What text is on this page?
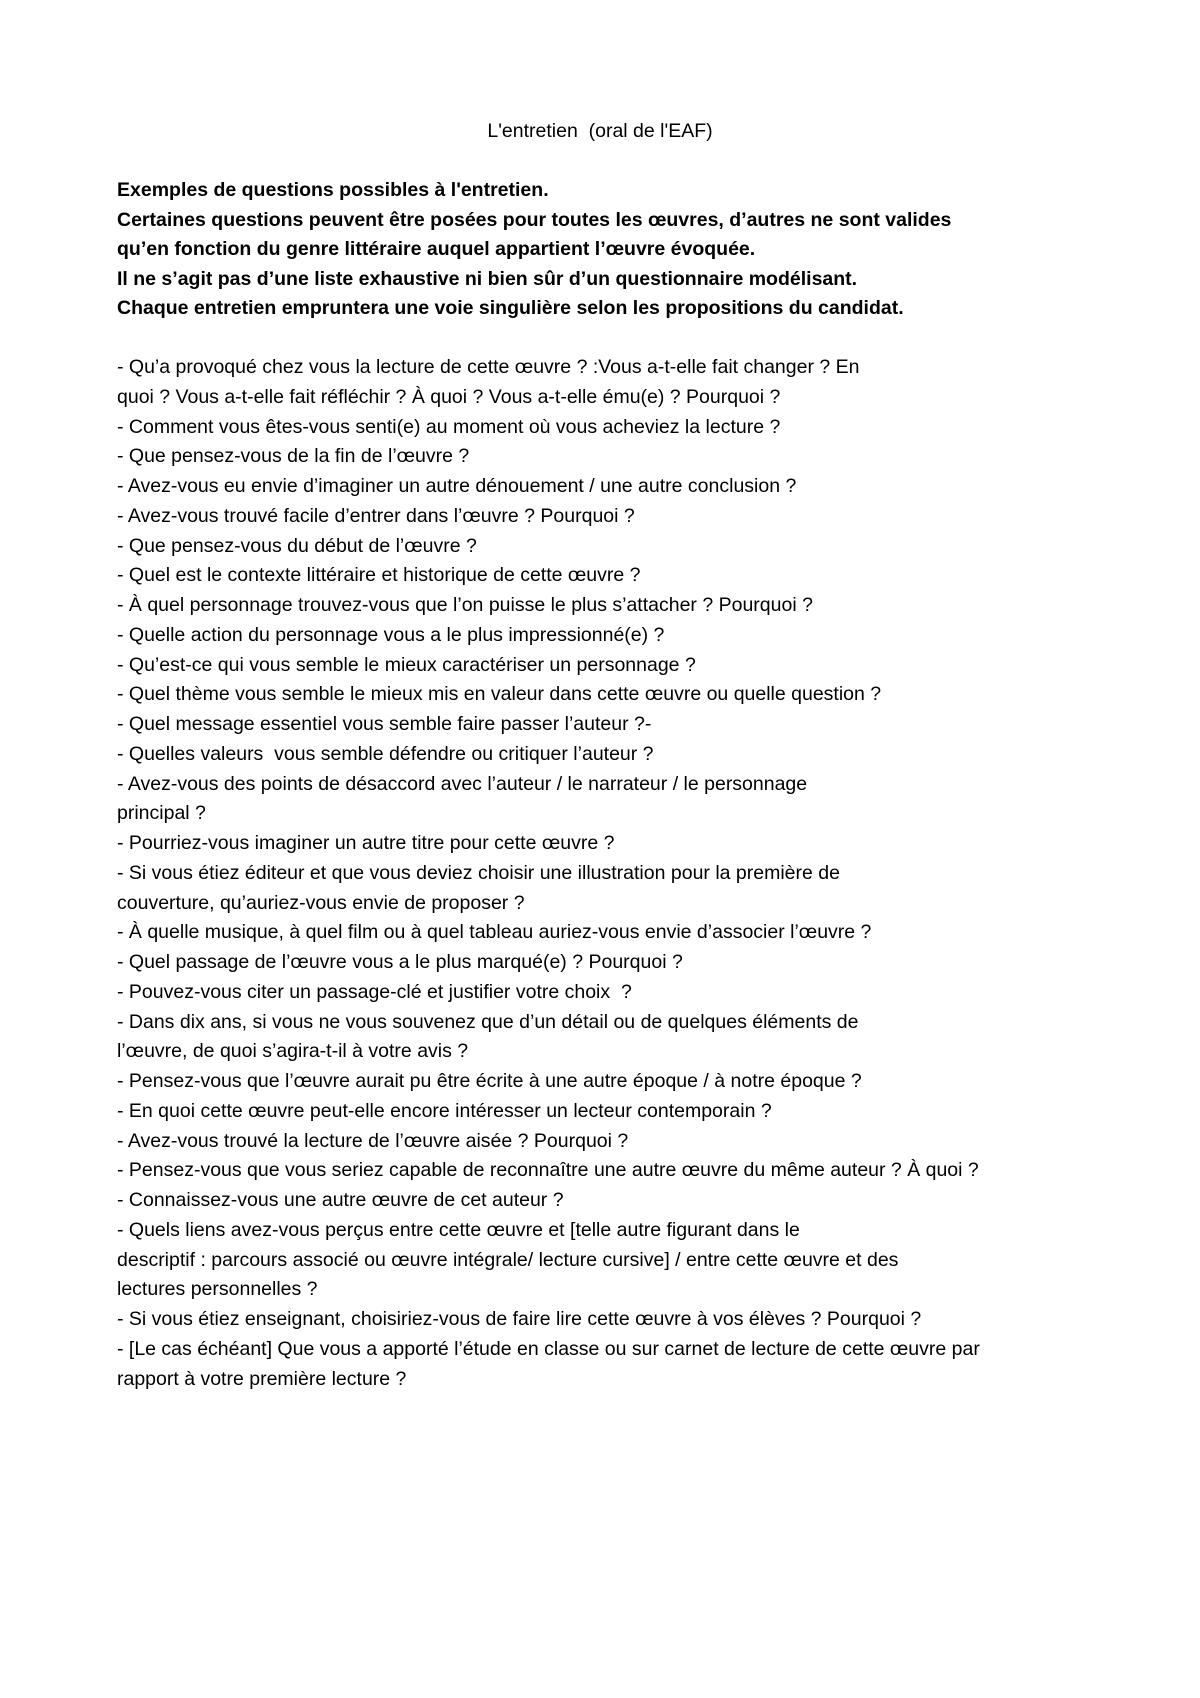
L'entretien  (oral de l'EAF)
Exemples de questions possibles à l'entretien.
Certaines questions peuvent être posées pour toutes les œuvres, d’autres ne sont valides
qu’en fonction du genre littéraire auquel appartient l’œuvre évoquée.
Il ne s’agit pas d’une liste exhaustive ni bien sûr d’un questionnaire modélisant.
Chaque entretien empruntera une voie singulière selon les propositions du candidat.
- Qu’a provoqué chez vous la lecture de cette œuvre ? :Vous a-t-elle fait changer ? En
quoi ? Vous a-t-elle fait réfléchir ? À quoi ? Vous a-t-elle ému(e) ? Pourquoi ?
- Comment vous êtes-vous senti(e) au moment où vous acheviez la lecture ?
- Que pensez-vous de la fin de l’œuvre ?
- Avez-vous eu envie d’imaginer un autre dénouement / une autre conclusion ?
- Avez-vous trouvé facile d’entrer dans l’œuvre ? Pourquoi ?
- Que pensez-vous du début de l’œuvre ?
- Quel est le contexte littéraire et historique de cette œuvre ?
- À quel personnage trouvez-vous que l’on puisse le plus s’attacher ? Pourquoi ?
- Quelle action du personnage vous a le plus impressionné(e) ?
- Qu’est-ce qui vous semble le mieux caractériser un personnage ?
- Quel thème vous semble le mieux mis en valeur dans cette œuvre ou quelle question ?
- Quel message essentiel vous semble faire passer l’auteur ?-
- Quelles valeurs  vous semble défendre ou critiquer l’auteur ?
- Avez-vous des points de désaccord avec l’auteur / le narrateur / le personnage
principal ?
- Pourriez-vous imaginer un autre titre pour cette œuvre ?
- Si vous étiez éditeur et que vous deviez choisir une illustration pour la première de
couverture, qu’auriez-vous envie de proposer ?
- À quelle musique, à quel film ou à quel tableau auriez-vous envie d’associer l’œuvre ?
- Quel passage de l’œuvre vous a le plus marqué(e) ? Pourquoi ?
- Pouvez-vous citer un passage-clé et justifier votre choix  ?
- Dans dix ans, si vous ne vous souvenez que d’un détail ou de quelques éléments de
l’œuvre, de quoi s’agira-t-il à votre avis ?
- Pensez-vous que l’œuvre aurait pu être écrite à une autre époque / à notre époque ?
- En quoi cette œuvre peut-elle encore intéresser un lecteur contemporain ?
- Avez-vous trouvé la lecture de l’œuvre aisée ? Pourquoi ?
- Pensez-vous que vous seriez capable de reconnaître une autre œuvre du même auteur ? À quoi ?
- Connaissez-vous une autre œuvre de cet auteur ?
- Quels liens avez-vous perçus entre cette œuvre et [telle autre figurant dans le
descriptif : parcours associé ou œuvre intégrale/ lecture cursive] / entre cette œuvre et des
lectures personnelles ?
- Si vous étiez enseignant, choisiriez-vous de faire lire cette œuvre à vos élèves ? Pourquoi ?
- [Le cas échéant] Que vous a apporté l’étude en classe ou sur carnet de lecture de cette œuvre par
rapport à votre première lecture ?
